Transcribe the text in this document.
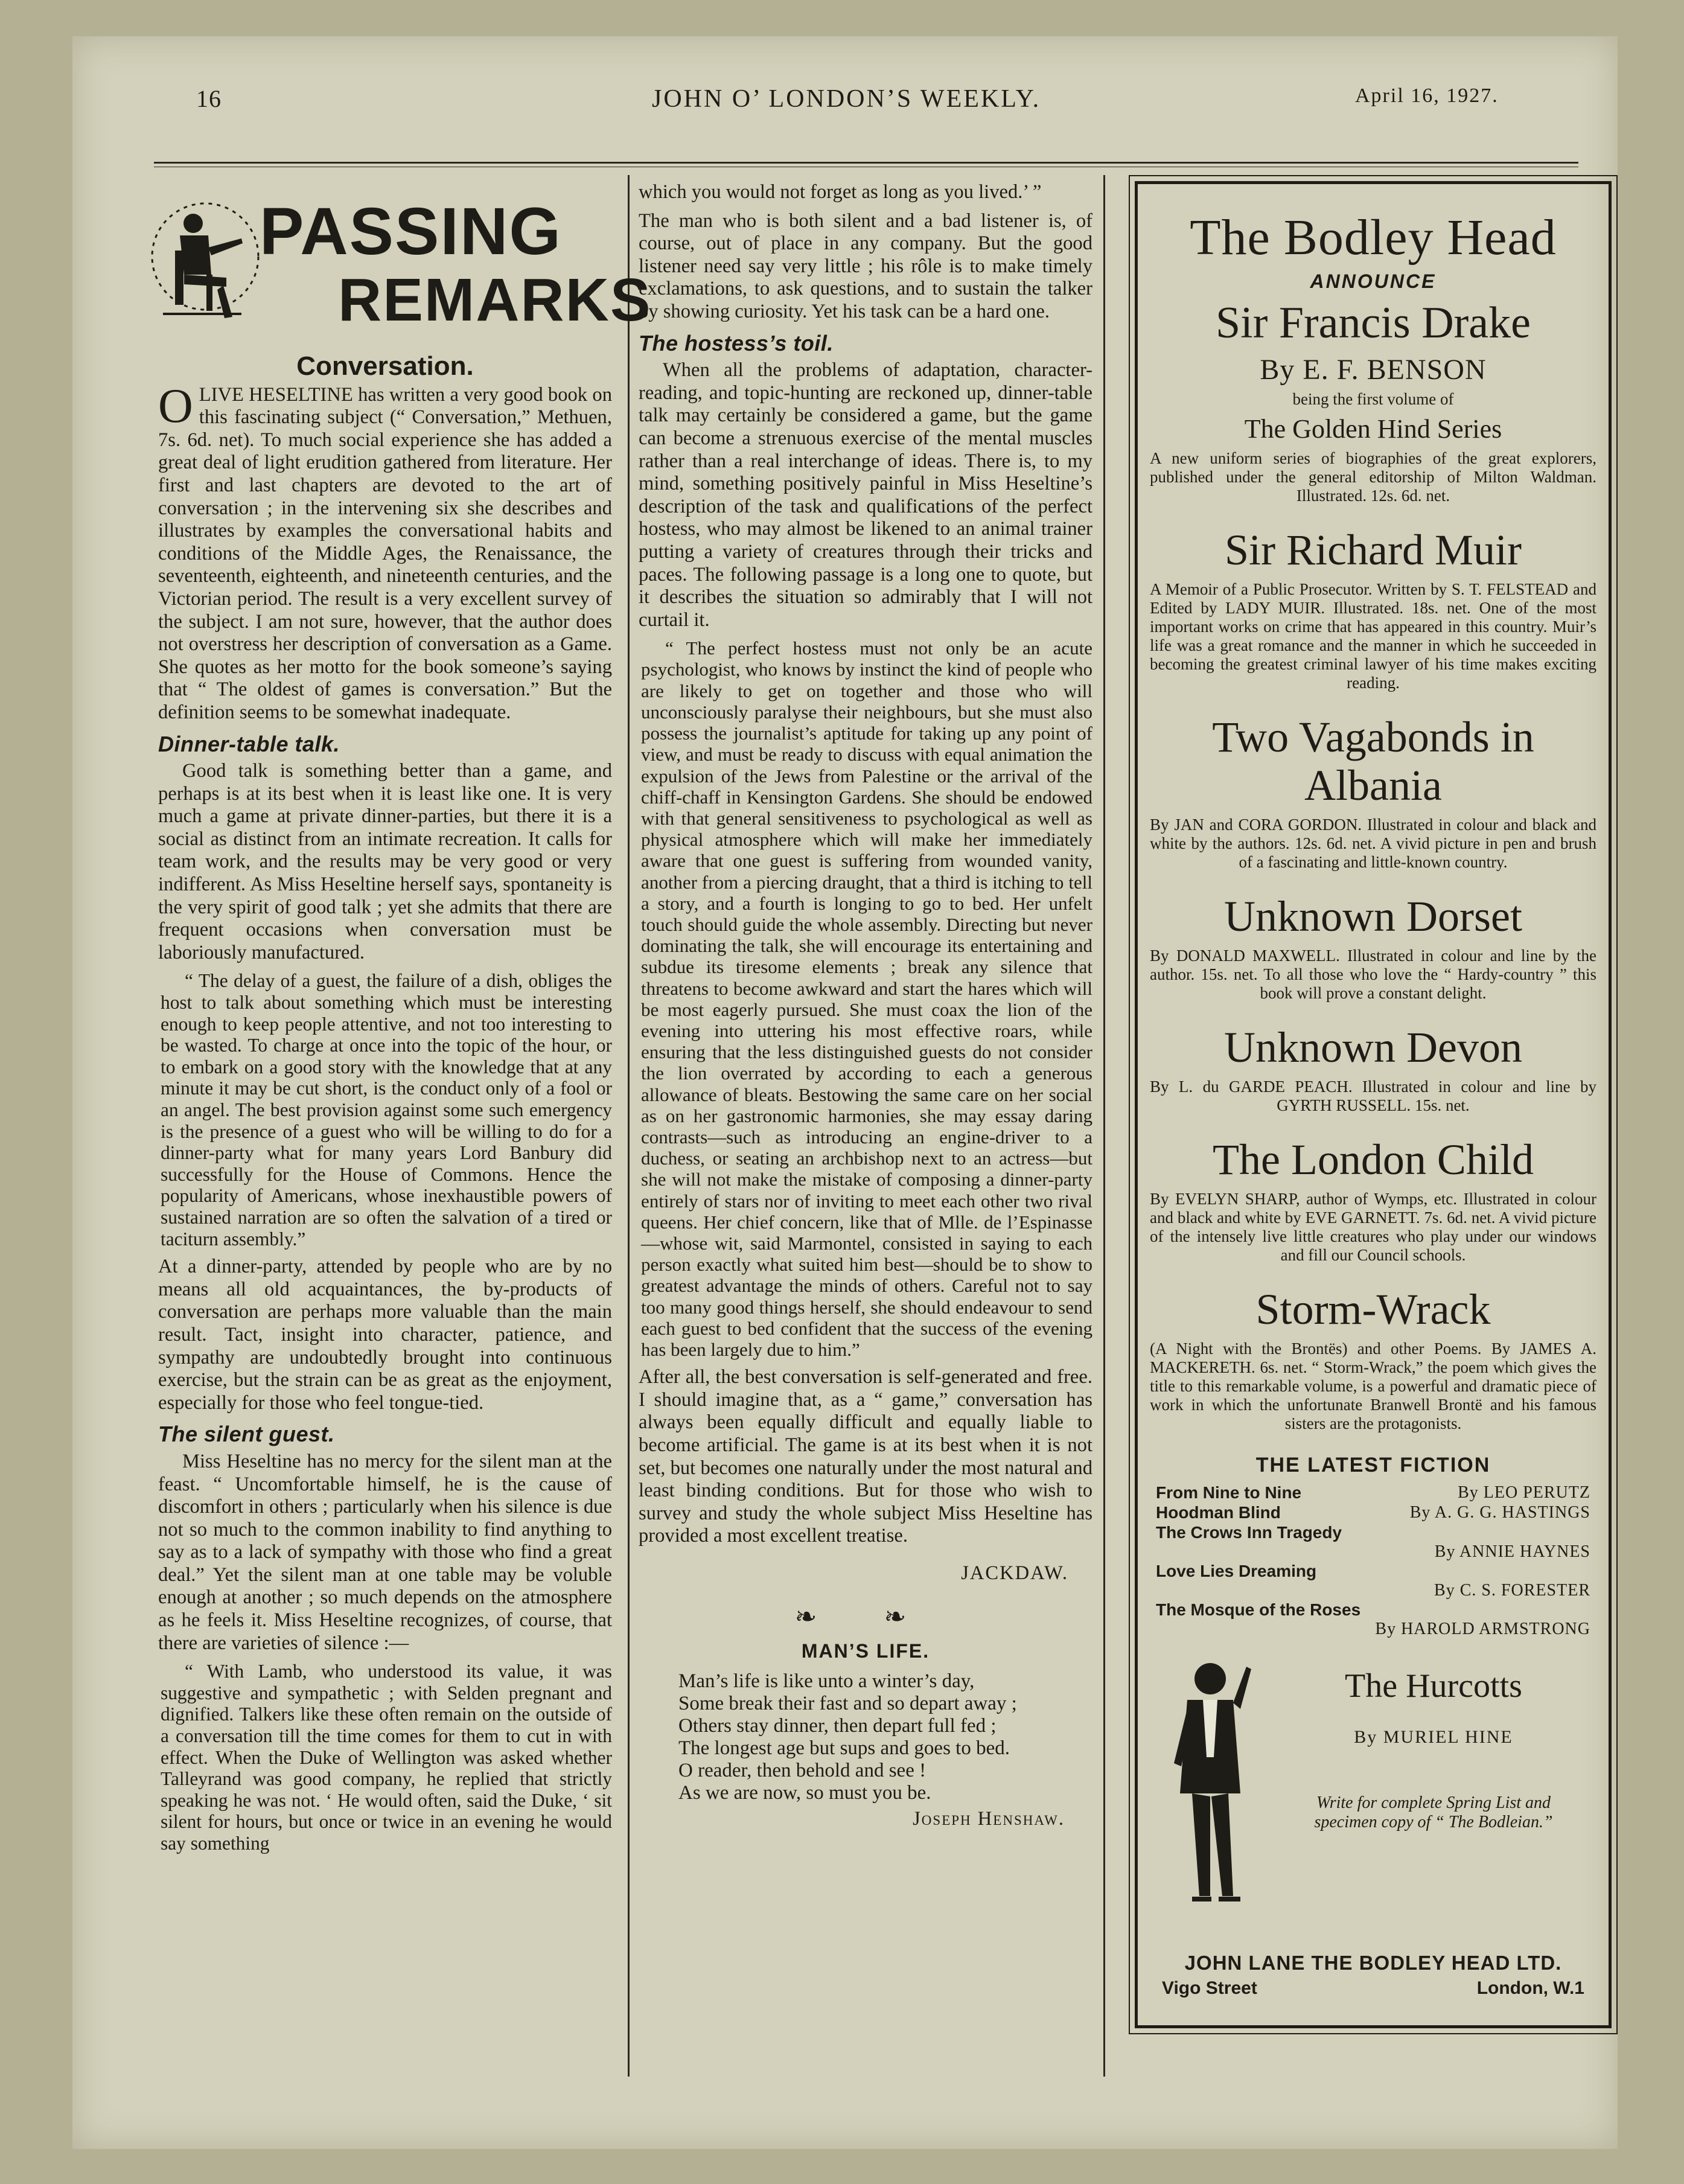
16	JOHN O’ LONDON’S WEEKLY.	April 16, 1927.
PASSING
REMARKS
Conversation.

OLIVE HESELTINE has written a very good book on this fascinating subject (“ Conversation,” Methuen, 7s. 6d. net). To much social experience she has added a great deal of light erudition gathered from literature. Her first and last chapters are devoted to the art of conversation ; in the intervening six she describes and illustrates by examples the conversational habits and conditions of the Middle Ages, the Renaissance, the seventeenth, eighteenth, and nineteenth centuries, and the Victorian period. The result is a very excellent survey of the subject. I am not sure, however, that the author does not overstress her description of conversation as a Game. She quotes as her motto for the book someone’s saying that “ The oldest of games is conversation.” But the definition seems to be somewhat inadequate.

Dinner-table talk.

Good talk is something better than a game, and perhaps is at its best when it is least like one. It is very much a game at private dinner-parties, but there it is a social as distinct from an intimate recreation. It calls for team work, and the results may be very good or very indifferent. As Miss Heseltine herself says, spontaneity is the very spirit of good talk ; yet she admits that there are frequent occasions when conversation must be laboriously manufactured.

“ The delay of a guest, the failure of a dish, obliges the host to talk about something which must be interesting enough to keep people attentive, and not too interesting to be wasted. To charge at once into the topic of the hour, or to embark on a good story with the knowledge that at any minute it may be cut short, is the conduct only of a fool or an angel. The best provision against some such emergency is the presence of a guest who will be willing to do for a dinner-party what for many years Lord Banbury did successfully for the House of Commons. Hence the popularity of Americans, whose inexhaustible powers of sustained narration are so often the salvation of a tired or taciturn assembly.”

At a dinner-party, attended by people who are by no means all old acquaintances, the by-products of conversation are perhaps more valuable than the main result. Tact, insight into character, patience, and sympathy are undoubtedly brought into continuous exercise, but the strain can be as great as the enjoyment, especially for those who feel tongue-tied.

The silent guest.

Miss Heseltine has no mercy for the silent man at the feast. “ Uncomfortable himself, he is the cause of discomfort in others ; particularly when his silence is due not so much to the common inability to find anything to say as to a lack of sympathy with those who find a great deal.” Yet the silent man at one table may be voluble enough at another ; so much depends on the atmosphere as he feels it. Miss Heseltine recognizes, of course, that there are varieties of silence :—

“ With Lamb, who understood its value, it was suggestive and sympathetic ; with Selden pregnant and dignified. Talkers like these often remain on the outside of a conversation till the time comes for them to cut in with effect. When the Duke of Wellington was asked whether Talleyrand was good company, he replied that strictly speaking he was not. ‘ He would often, said the Duke, ‘ sit silent for hours, but once or twice in an evening he would say something

which you would not forget as long as you lived.’ ”

The man who is both silent and a bad listener is, of course, out of place in any company. But the good listener need say very little ; his rôle is to make timely exclamations, to ask questions, and to sustain the talker by showing curiosity. Yet his task can be a hard one.

The hostess’s toil.

When all the problems of adaptation, character-reading, and topic-hunting are reckoned up, dinner-table talk may certainly be considered a game, but the game can become a strenuous exercise of the mental muscles rather than a real interchange of ideas. There is, to my mind, something positively painful in Miss Heseltine’s description of the task and qualifications of the perfect hostess, who may almost be likened to an animal trainer putting a variety of creatures through their tricks and paces. The following passage is a long one to quote, but it describes the situation so admirably that I will not curtail it.

“ The perfect hostess must not only be an acute psychologist, who knows by instinct the kind of people who are likely to get on together and those who will unconsciously paralyse their neighbours, but she must also possess the journalist’s aptitude for taking up any point of view, and must be ready to discuss with equal animation the expulsion of the Jews from Palestine or the arrival of the chiff-chaff in Kensington Gardens. She should be endowed with that general sensitiveness to psychological as well as physical atmosphere which will make her immediately aware that one guest is suffering from wounded vanity, another from a piercing draught, that a third is itching to tell a story, and a fourth is longing to go to bed. Her unfelt touch should guide the whole assembly. Directing but never dominating the talk, she will encourage its entertaining and subdue its tiresome elements ; break any silence that threatens to become awkward and start the hares which will be most eagerly pursued. She must coax the lion of the evening into uttering his most effective roars, while ensuring that the less distinguished guests do not consider the lion overrated by according to each a generous allowance of bleats. Bestowing the same care on her social as on her gastronomic harmonies, she may essay daring contrasts—such as introducing an engine-driver to a duchess, or seating an archbishop next to an actress—but she will not make the mistake of composing a dinner-party entirely of stars nor of inviting to meet each other two rival queens. Her chief concern, like that of Mlle. de l’Espinasse—whose wit, said Marmontel, consisted in saying to each person exactly what suited him best—should be to show to greatest advantage the minds of others. Careful not to say too many good things herself, she should endeavour to send each guest to bed confident that the success of the evening has been largely due to him.”

After all, the best conversation is self-generated and free. I should imagine that, as a “ game,” conversation has always been equally difficult and equally liable to become artificial. The game is at its best when it is not set, but becomes one naturally under the most natural and least binding conditions. But for those who wish to survey and study the whole subject Miss Heseltine has provided a most excellent treatise.

JACKDAW.
❧ ❧
MAN’S LIFE.
Man’s life is like unto a winter’s day,
Some break their fast and so depart away ;
Others stay dinner, then depart full fed ;
The longest age but sups and goes to bed.
O reader, then behold and see !
As we are now, so must you be.
Joseph Henshaw.
The Bodley Head
ANNOUNCE
Sir Francis Drake
By E. F. BENSON
being the first volume of
The Golden Hind Series
A new uniform series of biographies of the great explorers, published under the general editorship of Milton Waldman. Illustrated. 12s. 6d. net.
Sir Richard Muir
A Memoir of a Public Prosecutor. Written by S. T. FELSTEAD and Edited by LADY MUIR. Illustrated. 18s. net. One of the most important works on crime that has appeared in this country. Muir’s life was a great romance and the manner in which he succeeded in becoming the greatest criminal lawyer of his time makes exciting reading.
Two Vagabonds in
Albania
By JAN and CORA GORDON. Illustrated in colour and black and white by the authors. 12s. 6d. net. A vivid picture in pen and brush of a fascinating and little-known country.
Unknown Dorset
By DONALD MAXWELL. Illustrated in colour and line by the author. 15s. net. To all those who love the “ Hardy-country ” this book will prove a constant delight.
Unknown Devon
By L. du GARDE PEACH. Illustrated in colour and line by GYRTH RUSSELL. 15s. net.
The London Child
By EVELYN SHARP, author of Wymps, etc. Illustrated in colour and black and white by EVE GARNETT. 7s. 6d. net. A vivid picture of the intensely live little creatures who play under our windows and fill our Council schools.
Storm-Wrack
(A Night with the Brontës) and other Poems. By JAMES A. MACKERETH. 6s. net. “ Storm-Wrack,” the poem which gives the title to this remarkable volume, is a powerful and dramatic piece of work in which the unfortunate Branwell Brontë and his famous sisters are the protagonists.
THE LATEST FICTION
From Nine to Nine	By LEO PERUTZ
Hoodman Blind	By A. G. G. HASTINGS
The Crows Inn Tragedy
By ANNIE HAYNES
Love Lies Dreaming
By C. S. FORESTER
The Mosque of the Roses
By HAROLD ARMSTRONG
The Hurcotts
By MURIEL HINE
Write for complete Spring List and specimen copy of “ The Bodleian.”
JOHN LANE THE BODLEY HEAD LTD.
Vigo Street	London, W.1
